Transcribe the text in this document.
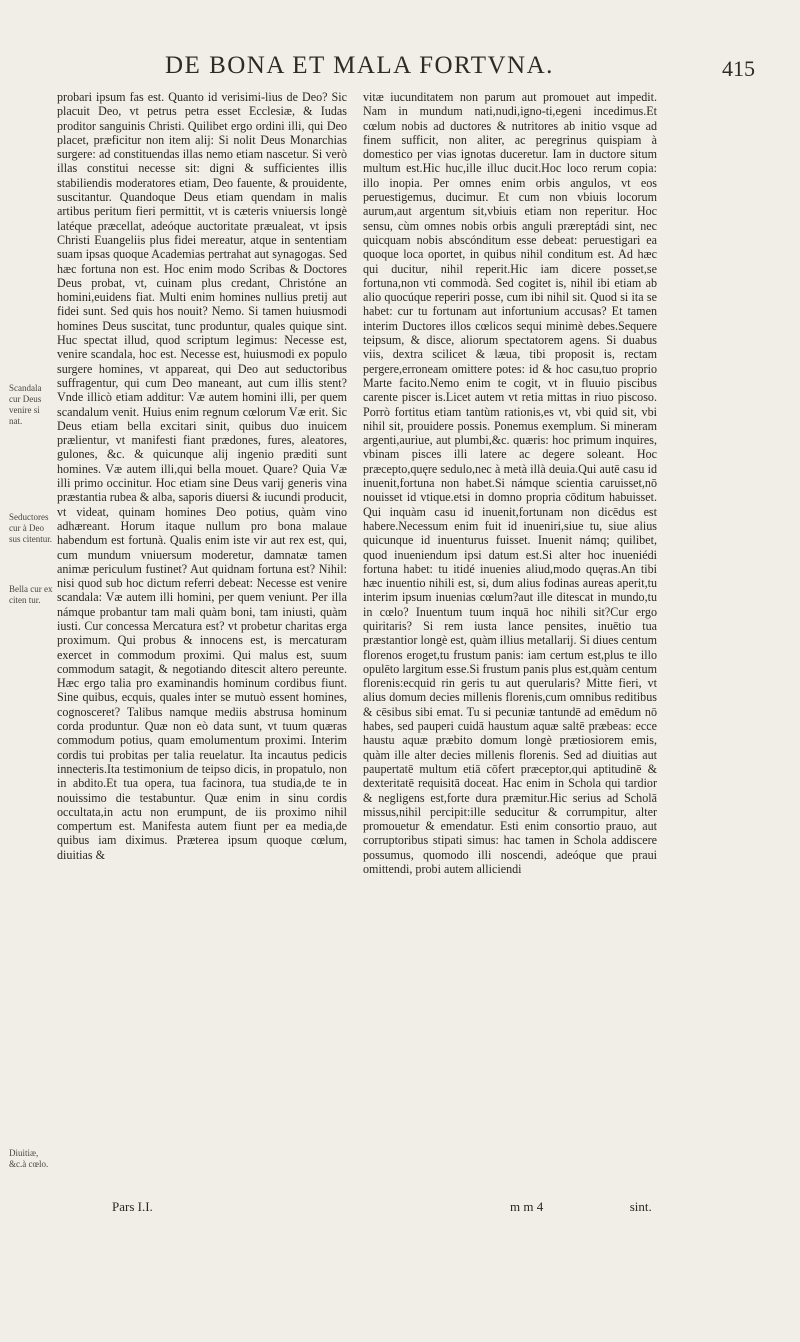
DE BONA ET MALA FORTVNA.	415
Scandala cur Deus venire si nat.
Seductores cur à Deo sus citentur.
Bella cur ex citen tur.
Diuitiæ, &c.à cœlo.

probari ipsum fas est. Quanto id verisimi-lius de Deo? Sic placuit Deo, vt petrus petra esset Ecclesiæ, & Iudas proditor sanguinis Christi. Quilibet ergo ordini illi, qui Deo placet, præficitur non item alij: Si nolit Deus Monarchias surgere: ad constituendas illas nemo etiam nascetur. Si verò illas constitui necesse sit: digni & sufficientes illis stabiliendis moderatores etiam, Deo fauente, & prouidente, suscitantur. Quandoque Deus etiam quendam in malis artibus peritum fieri permittit, vt is cæteris vniuersis longè latéque præcellat, adeóque auctoritate præualeat, vt ipsis Christi Euangeliis plus fidei mereatur, atque in sententiam suam ipsas quoque Academias pertrahat aut synagogas. Sed hæc fortuna non est. Hoc enim modo Scribas & Doctores Deus probat, vt, cuinam plus credant, Christóne an homini,euidens fiat. Multi enim homines nullius pretij aut fidei sunt. Sed quis hos nouit? Nemo. Si tamen huiusmodi homines Deus suscitat, tunc produntur, quales quique sint. Huc spectat illud, quod scriptum legimus: Necesse est, venire scandala, hoc est. Necesse est, huiusmodi ex populo surgere homines, vt appareat, qui Deo aut seductoribus suffragentur, qui cum Deo maneant, aut cum illis stent? Vnde illicò etiam additur: Væ autem homini illi, per quem scandalum venit. Huius enim regnum cœlorum Væ erit. Sic Deus etiam bella excitari sinit, quibus duo inuicem prælientur, vt manifesti fiant prædones, fures, aleatores, gulones, &c. & quicunque alij ingenio præditi sunt homines. Væ autem illi,qui bella mouet. Quare? Quia Væ illi primo occinitur. Hoc etiam sine Deus varij generis vina præstantia rubea & alba, saporis diuersi & iucundi producit, vt videat, quinam homines Deo potius, quàm vino adhæreant. Horum itaque nullum pro bona malaue habendum est fortunà. Qualis enim iste vir aut rex est, qui, cum mundum vniuersum moderetur, damnatæ tamen animæ periculum fustinet? Aut quidnam fortuna est? Nihil: nisi quod sub hoc dictum referri debeat: Necesse est venire scandala: Væ autem illi homini, per quem veniunt. Per illa námque probantur tam mali quàm boni, tam iniusti, quàm iusti. Cur concessa Mercatura est? vt probetur charitas erga proximum. Qui probus & innocens est, is mercaturam exercet in commodum proximi. Qui malus est, suum commodum satagit, & negotiando ditescit altero pereunte. Hæc ergo talia pro examinandis hominum cordibus fiunt. Sine quibus, ecquis, quales inter se mutuò essent homines, cognosceret? Talibus namque mediis abstrusa hominum corda produntur. Quæ non eò data sunt, vt tuum quæras commodum potius, quam emolumentum proximi. Interim cordis tui probitas per talia reuelatur. Ita incautus pedicis innecteris.Ita testimonium de teipso dicis, in propatulo, non in abdito.Et tua opera, tua facinora, tua studia,de te in nouissimo die testabuntur. Quæ enim in sinu cordis occultata,in actu non erumpunt, de iis proximo nihil compertum est. Manifesta autem fiunt per ea media,de quibus iam diximus. Præterea ipsum quoque cœlum, diuitias &

vitæ iucunditatem non parum aut promouet aut impedit. Nam in mundum nati,nudi,igno-ti,egeni incedimus.Et cœlum nobis ad ductores & nutritores ab initio vsque ad finem sufficit, non aliter, ac peregrinus quispiam à domestico per vias ignotas duceretur. Iam in ductore situm multum est.Hic huc,ille illuc ducit.Hoc loco rerum copia: illo inopia. Per omnes enim orbis angulos, vt eos peruestigemus, ducimur. Et cum non vbiuis locorum aurum,aut argentum sit,vbiuis etiam non reperitur. Hoc sensu, cùm omnes nobis orbis anguli præreptádi sint, nec quicquam nobis abscónditum esse debeat: peruestigari ea quoque loca oportet, in quibus nihil conditum est. Ad hæc qui ducitur, nihil reperit.Hic iam dicere posset,se fortuna,non vti commodà. Sed cogitet is, nihil ibi etiam ab alio quocúque reperiri posse, cum ibi nihil sit. Quod si ita se habet: cur tu fortunam aut infortunium accusas? Et tamen interim Ductores illos cœlicos sequi minimè debes.Sequere teipsum, & disce, aliorum spectatorem agens. Si duabus viis, dextra scilicet & læua, tibi proposit is, rectam pergere,erroneam omittere potes: id & hoc casu,tuo proprio Marte facito.Nemo enim te cogit, vt in fluuio piscibus carente piscer is.Licet autem vt retia mittas in riuo piscoso. Porrò fortitus etiam tantùm rationis,es vt, vbi quid sit, vbi nihil sit, prouidere possis. Ponemus exemplum. Si mineram argenti,auriue, aut plumbi,&c. quæris: hoc primum inquires, vbinam pisces illi latere ac degere soleant. Hoc præcepto,quęre sedulo,nec à metà illà deuia.Qui autē casu id inuenit,fortuna non habet.Si námque scientia caruisset,nō nouisset id vtique.etsi in domno propria cōditum habuisset. Qui inquàm casu id inuenit,fortunam non dicēdus est habere.Necessum enim fuit id inueniri,siue tu, siue alius quicunque id inuenturus fuisset. Inuenit námq; quilibet, quod inueniendum ipsi datum est.Si alter hoc inueniédi fortuna habet: tu itidé inuenies aliud,modo quęras.An tibi hæc inuentio nihili est, si, dum alius fodinas aureas aperit,tu interim ipsum inuenias cœlum?aut ille ditescat in mundo,tu in cœlo? Inuentum tuum inquā hoc nihili sit?Cur ergo quiritaris? Si rem iusta lance pensites, inuētio tua præstantior longè est, quàm illius metallarij. Si diues centum florenos eroget,tu frustum panis: iam certum est,plus te illo opulēto largitum esse.Si frustum panis plus est,quàm centum florenis:ecquid rin geris tu aut querularis? Mitte fieri, vt alius domum decies millenis florenis,cum omnibus reditibus & cēsibus sibi emat. Tu si pecuniæ tantundē ad emēdum nō habes, sed pauperi cuidā haustum aquæ saltē præbeas: ecce haustu aquæ præbito domum longè prætiosiorem emis, quàm ille alter decies millenis florenis. Sed ad diuitias aut paupertatē multum etiā cōfert præceptor,qui aptitudinē & dexteritatē requisitā doceat. Hac enim in Schola qui tardior & negligens est,forte dura præmitur.Hic serius ad Scholā missus,nihil percipit:ille seducitur & corrumpitur, alter promouetur & emendatur. Esti enim consortio prauo, aut corruptoribus stipati simus: hac tamen in Schola addiscere possumus, quomodo illi noscendi, adeóque que praui omittendi, probi autem alliciendi

Pars I.I.	m m 4	sint.
